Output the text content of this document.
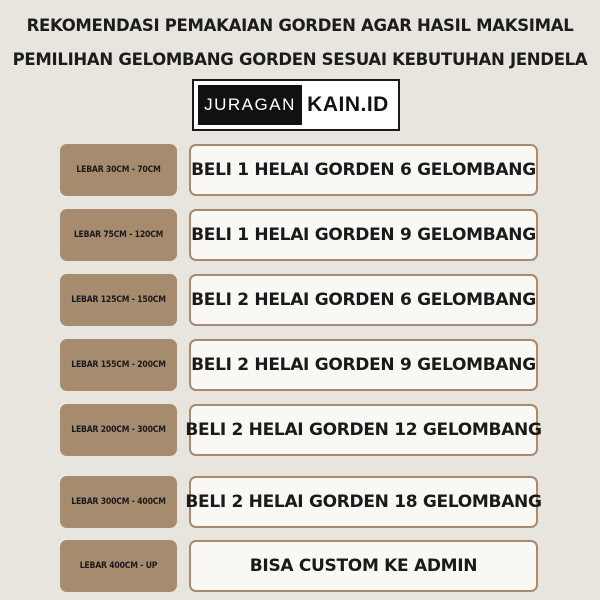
REKOMENDASI PEMAKAIAN GORDEN AGAR HASIL MAKSIMAL
PEMILIHAN GELOMBANG GORDEN SESUAI KEBUTUHAN JENDELA
JURAGAN KAIN.ID
LEBAR 30CM - 70CM	BELI 1 HELAI GORDEN 6 GELOMBANG
LEBAR 75CM - 120CM	BELI 1 HELAI GORDEN 9 GELOMBANG
LEBAR 125CM - 150CM	BELI 2 HELAI GORDEN 6 GELOMBANG
LEBAR 155CM - 200CM	BELI 2 HELAI GORDEN 9 GELOMBANG
LEBAR 200CM - 300CM	BELI 2 HELAI GORDEN 12 GELOMBANG
LEBAR 300CM - 400CM	BELI 2 HELAI GORDEN 18 GELOMBANG
LEBAR 400CM - UP	BISA CUSTOM KE ADMIN
